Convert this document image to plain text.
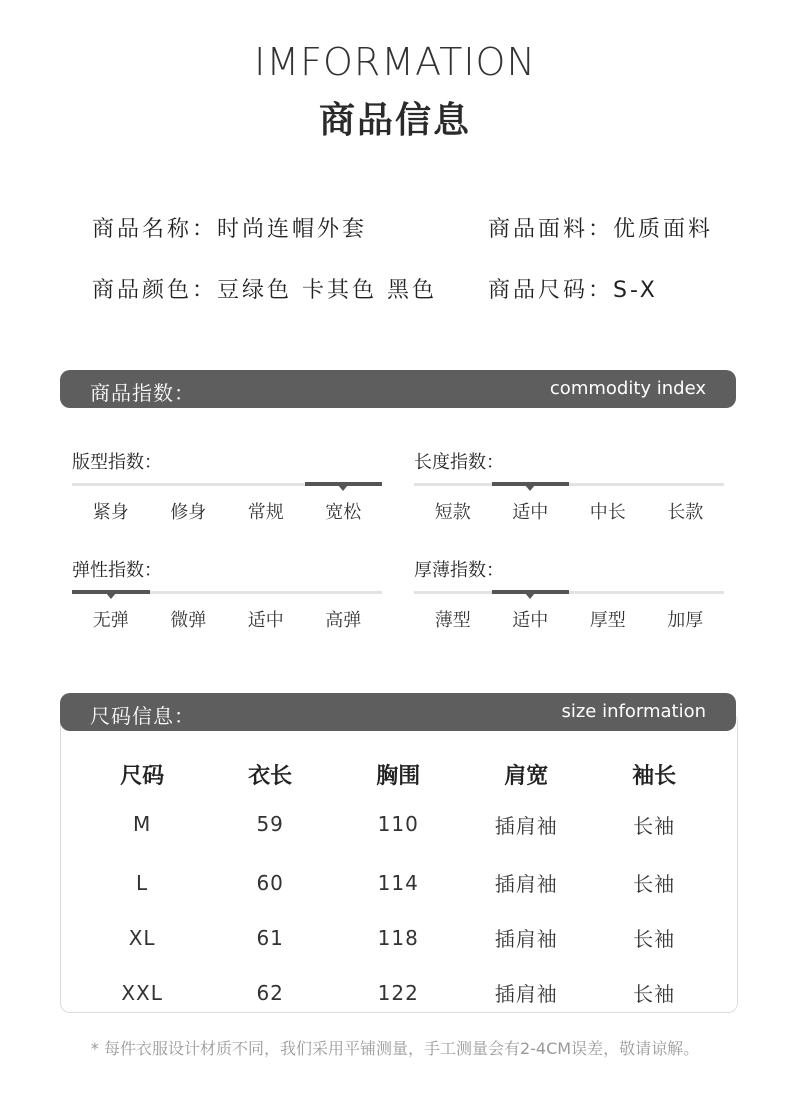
IMFORMATION
商品信息
商品名称：时尚连帽外套	商品面料：优质面料
商品颜色：豆绿色 卡其色 黑色 商品尺码：S-X
商品指数：	commodity index
版型指数：
紧身	修身	常规	宽松
长度指数：
短款	适中	中长	长款
弹性指数：
无弹	微弹	适中	高弹
厚薄指数：
薄型	适中	厚型	加厚
尺码信息：	size information
尺码	衣长	胸围	肩宽	袖长
M	59	110	插肩袖	长袖
L	60	114	插肩袖	长袖
XL	61	118	插肩袖	长袖
XXL	62	122	插肩袖	长袖
* 每件衣服设计材质不同，我们采用平铺测量，手工测量会有2-4CM误差，敬请谅解。
